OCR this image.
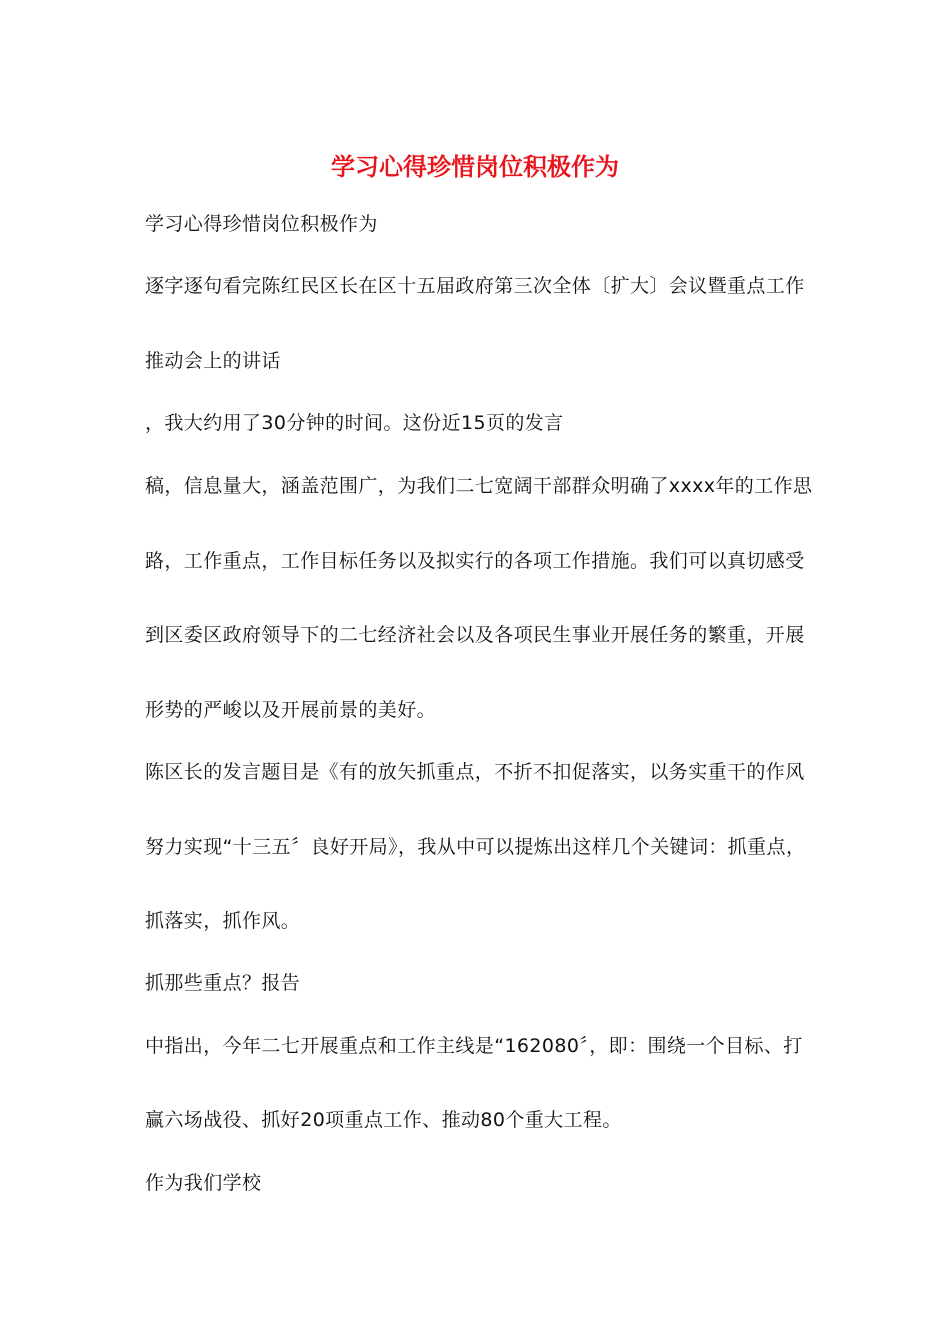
学习心得珍惜岗位积极作为
学习心得珍惜岗位积极作为
逐字逐句看完陈红民区长在区十五届政府第三次全体〔扩大〕会议暨重点工作
推动会上的讲话
，我大约用了30分钟的时间。这份近15页的发言
稿，信息量大，涵盖范围广，为我们二七宽阔干部群众明确了xxxx年的工作思
路，工作重点，工作目标任务以及拟实行的各项工作措施。我们可以真切感受
到区委区政府领导下的二七经济社会以及各项民生事业开展任务的繁重，开展
形势的严峻以及开展前景的美好。
陈区长的发言题目是《有的放矢抓重点，不折不扣促落实，以务实重干的作风
努力实现“十三五〞良好开局》，我从中可以提炼出这样几个关键词：抓重点，
抓落实，抓作风。
抓那些重点？报告
中指出，今年二七开展重点和工作主线是“162080〞，即：围绕一个目标、打
赢六场战役、抓好20项重点工作、推动80个重大工程。
作为我们学校
